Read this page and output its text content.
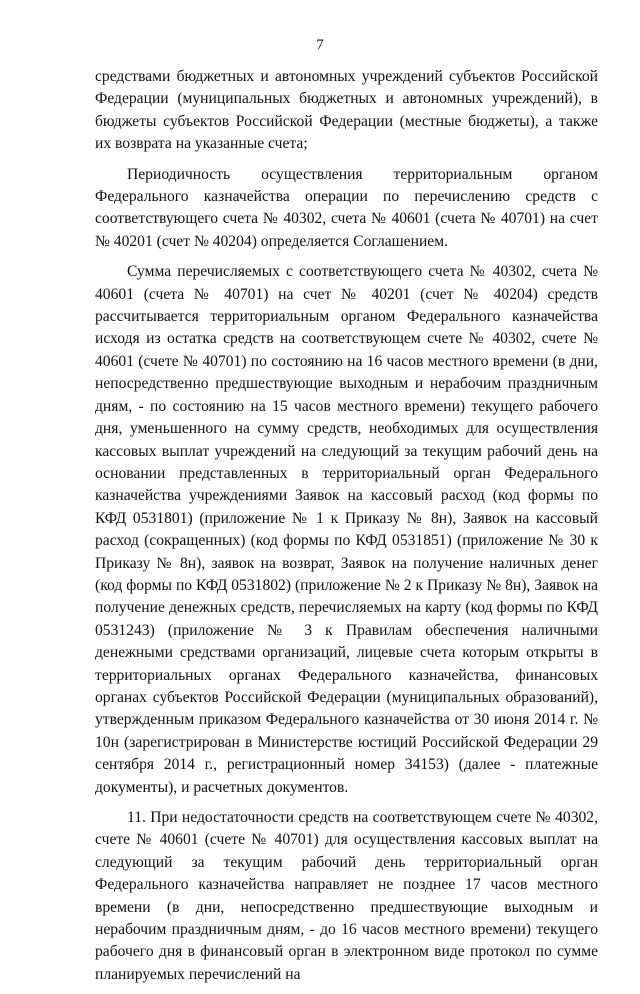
7

средствами бюджетных и автономных учреждений субъектов Российской Федерации (муниципальных бюджетных и автономных учреждений), в бюджеты субъектов Российской Федерации (местные бюджеты), а также их возврата на указанные счета;

Периодичность осуществления территориальным органом Федерального казначейства операции по перечислению средств с соответствующего счета № 40302, счета № 40601 (счета № 40701) на счет № 40201 (счет № 40204) определяется Соглашением.

Сумма перечисляемых с соответствующего счета № 40302, счета № 40601 (счета № 40701) на счет № 40201 (счет № 40204) средств рассчитывается территориальным органом Федерального казначейства исходя из остатка средств на соответствующем счете № 40302, счете № 40601 (счете № 40701) по состоянию на 16 часов местного времени (в дни, непосредственно предшествующие выходным и нерабочим праздничным дням, - по состоянию на 15 часов местного времени) текущего рабочего дня, уменьшенного на сумму средств, необходимых для осуществления кассовых выплат учреждений на следующий за текущим рабочий день на основании представленных в территориальный орган Федерального казначейства учреждениями Заявок на кассовый расход (код формы по КФД 0531801) (приложение № 1 к Приказу № 8н), Заявок на кассовый расход (сокращенных) (код формы по КФД 0531851) (приложение № 30 к Приказу № 8н), заявок на возврат, Заявок на получение наличных денег (код формы по КФД 0531802) (приложение № 2 к Приказу № 8н), Заявок на получение денежных средств, перечисляемых на карту (код формы по КФД 0531243) (приложение № 3 к Правилам обеспечения наличными денежными средствами организаций, лицевые счета которым открыты в территориальных органах Федерального казначейства, финансовых органах субъектов Российской Федерации (муниципальных образований), утвержденным приказом Федерального казначейства от 30 июня 2014 г. № 10н (зарегистрирован в Министерстве юстиций Российской Федерации 29 сентября 2014 г., регистрационный номер 34153) (далее - платежные документы), и расчетных документов.

11. При недостаточности средств на соответствующем счете № 40302, счете № 40601 (счете № 40701) для осуществления кассовых выплат на следующий за текущим рабочий день территориальный орган Федерального казначейства направляет не позднее 17 часов местного времени (в дни, непосредственно предшествующие выходным и нерабочим праздничным дням, - до 16 часов местного времени) текущего рабочего дня в финансовый орган в электронном виде протокол по сумме планируемых перечислений на
